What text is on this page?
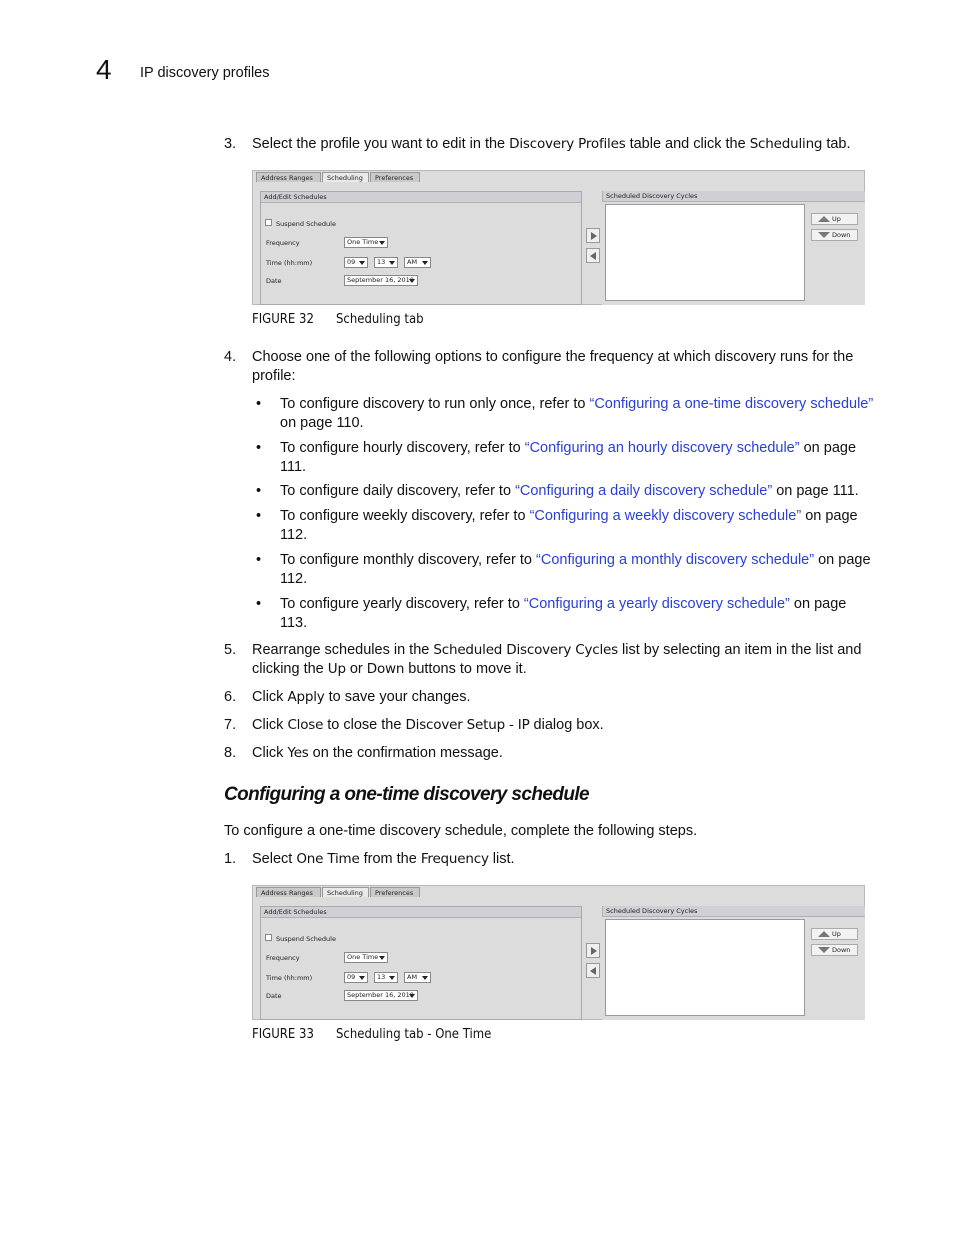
4 IP discovery profiles
3. Select the profile you want to edit in the Discovery Profiles table and click the Scheduling tab.
Address Ranges	Scheduling	Preferences
Add/Edit Schedules
Suspend Schedule
Frequency	One Time
Time (hh:mm)	09	13	AM
Date	September 16, 2010
Scheduled Discovery Cycles
Up
Down
FIGURE 32 Scheduling tab
4. Choose one of the following options to configure the frequency at which discovery runs for the profile:
• To configure discovery to run only once, refer to “Configuring a one-time discovery schedule” on page 110.
• To configure hourly discovery, refer to “Configuring an hourly discovery schedule” on page 111.
• To configure daily discovery, refer to “Configuring a daily discovery schedule” on page 111.
• To configure weekly discovery, refer to “Configuring a weekly discovery schedule” on page 112.
• To configure monthly discovery, refer to “Configuring a monthly discovery schedule” on page 112.
• To configure yearly discovery, refer to “Configuring a yearly discovery schedule” on page 113.
5. Rearrange schedules in the Scheduled Discovery Cycles list by selecting an item in the list and clicking the Up or Down buttons to move it.
6. Click Apply to save your changes.
7. Click Close to close the Discover Setup - IP dialog box.
8. Click Yes on the confirmation message.
Configuring a one-time discovery schedule
To configure a one-time discovery schedule, complete the following steps.
1. Select One Time from the Frequency list.
Address Ranges	Scheduling	Preferences
Add/Edit Schedules
Suspend Schedule
Frequency	One Time
Time (hh:mm)	09	13	AM
Date	September 16, 2010
Scheduled Discovery Cycles
Up
Down
FIGURE 33 Scheduling tab - One Time
